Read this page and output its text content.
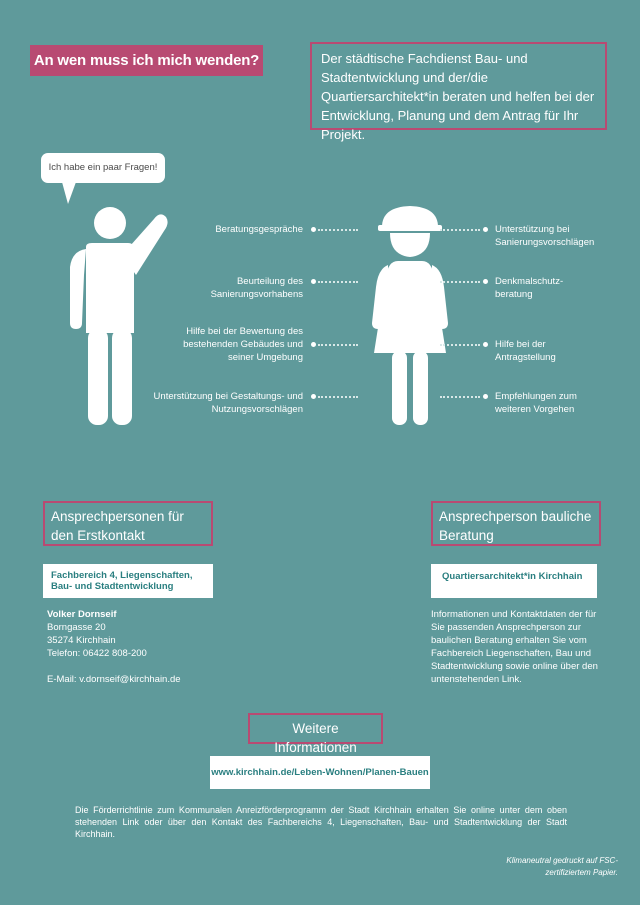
An wen muss ich mich wenden?	Der städtische Fachdienst Bau- und Stadtentwicklung und der/die Quartiersarchitekt*in beraten und helfen bei der Entwicklung, Planung und dem Antrag für Ihr Projekt.
Ich habe ein paar Fragen!
Beratungsgespräche
Beurteilung des Sanierungsvorhabens
Hilfe bei der Bewertung des bestehenden Gebäudes und seiner Umgebung
Unterstützung bei Gestaltungs- und Nutzungsvorschlägen
Unterstützung bei Sanierungsvorschlägen
Denkmalschutz-beratung
Hilfe bei der Antragstellung
Empfehlungen zum weiteren Vorgehen
Ansprechpersonen für den Erstkontakt
Fachbereich 4, Liegenschaften, Bau- und Stadtentwicklung
Volker Dornseif
Borngasse 20
35274 Kirchhain
Telefon: 06422 808-200
E-Mail: v.dornseif@kirchhain.de
Ansprechperson bauliche Beratung
Quartiersarchitekt*in Kirchhain
Informationen und Kontaktdaten der für Sie passenden Ansprechperson zur baulichen Beratung erhalten Sie vom Fachbereich Liegenschaften, Bau und Stadtentwicklung sowie online über den untenstehenden Link.
Weitere Informationen
www.kirchhain.de/Leben-Wohnen/Planen-Bauen
Die Förderrichtlinie zum Kommunalen Anreizförderprogramm der Stadt Kirchhain erhalten Sie online unter dem oben stehenden Link oder über den Kontakt des Fachbereichs 4, Liegenschaften, Bau- und Stadtentwicklung der Stadt Kirchhain.
Klimaneutral gedruckt auf FSC-zertifiziertem Papier.
